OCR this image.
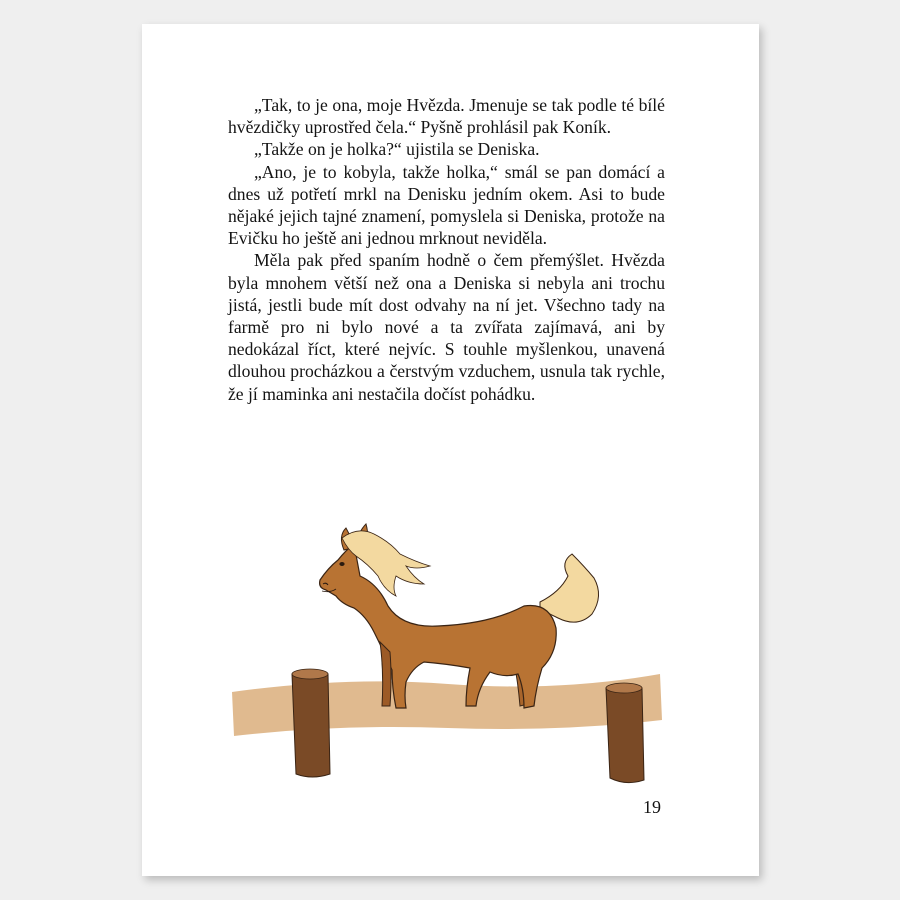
„Tak, to je ona, moje Hvězda. Jmenuje se tak podle té bílé hvězdičky uprostřed čela.“ Pyšně prohlásil pak Koník.

„Takže on je holka?“ ujistila se Deniska.

„Ano, je to kobyla, takže holka,“ smál se pan domácí a dnes už potřetí mrkl na Denisku jedním okem. Asi to bude nějaké jejich tajné znamení, pomyslela si Deniska, protože na Evičku ho ještě ani jednou mrknout neviděla.

Měla pak před spaním hodně o čem přemýšlet. Hvězda byla mnohem větší než ona a Deniska si nebyla ani trochu jistá, jestli bude mít dost odvahy na ní jet. Všechno tady na farmě pro ni bylo nové a ta zvířata zajímavá, ani by nedokázal říct, které nejvíc. S touhle myšlenkou, unavená dlouhou procházkou a čerstvým vzduchem, usnula tak rychle, že jí maminka ani nestačila dočíst pohádku.

19
